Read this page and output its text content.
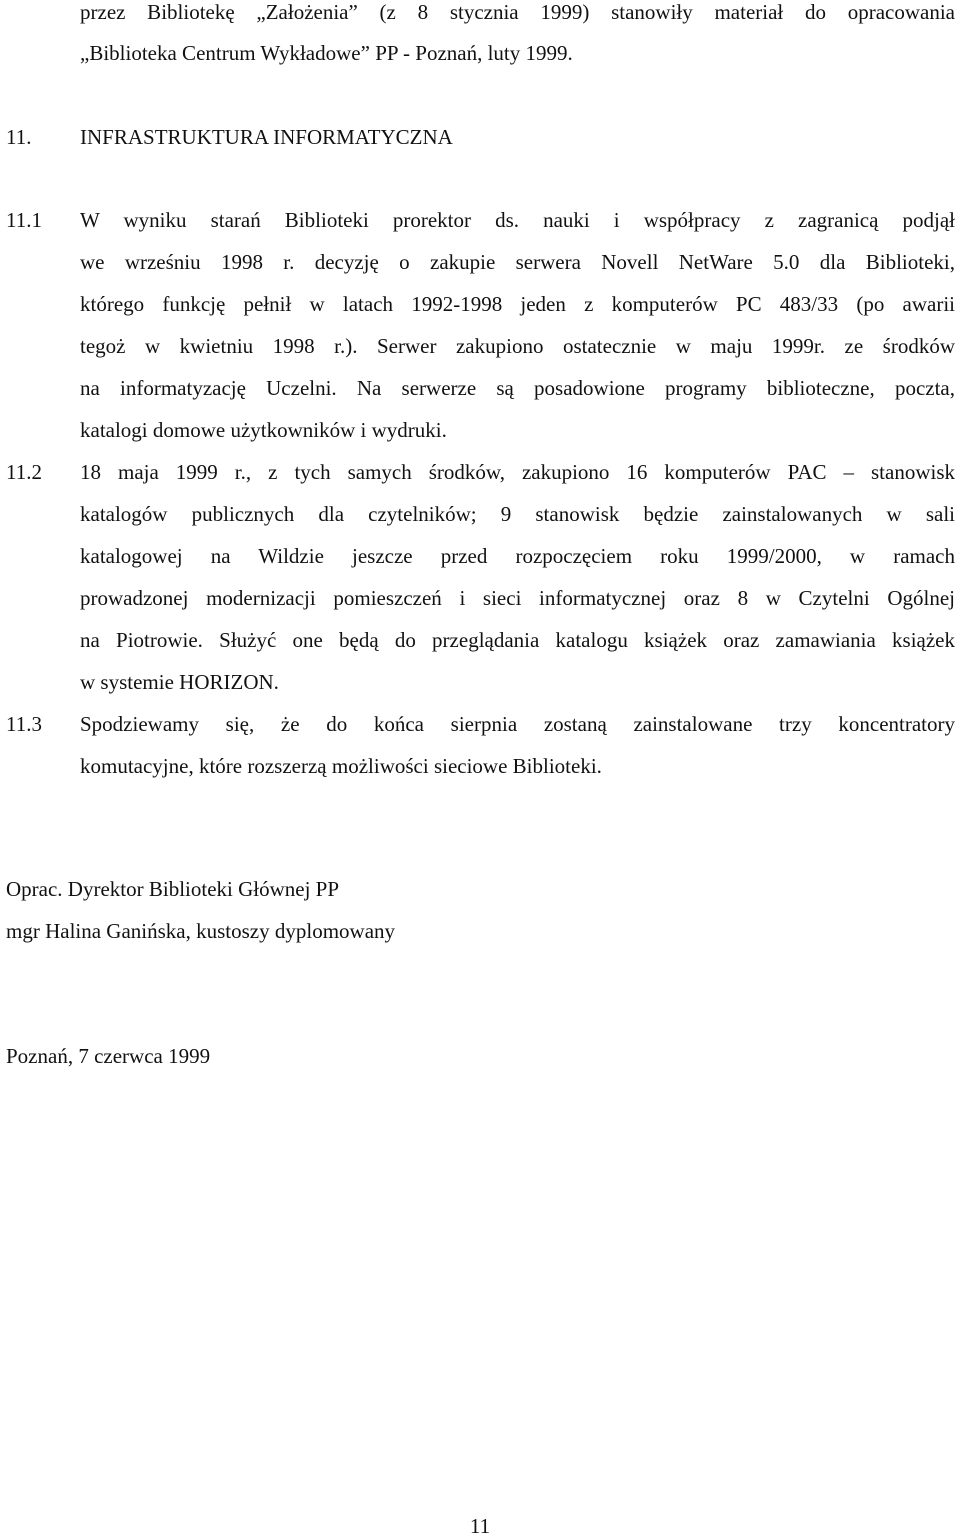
przez Bibliotekę „Założenia” (z 8 stycznia 1999) stanowiły materiał do opracowania
„Biblioteka Centrum Wykładowe” PP - Poznań, luty 1999.
11. INFRASTRUKTURA INFORMATYCZNA
11.1 W wyniku starań Biblioteki prorektor ds. nauki i współpracy z zagranicą podjął
we wrześniu 1998 r. decyzję o zakupie serwera Novell NetWare 5.0 dla Biblioteki,
którego funkcję pełnił w latach 1992-1998 jeden z komputerów PC 483/33 (po awarii
tegoż w kwietniu 1998 r.). Serwer zakupiono ostatecznie w maju 1999r. ze środków
na informatyzację Uczelni. Na serwerze są posadowione programy biblioteczne, poczta,
katalogi domowe użytkowników i wydruki.
11.2 18 maja 1999 r., z tych samych środków, zakupiono 16 komputerów PAC – stanowisk
katalogów publicznych dla czytelników; 9 stanowisk będzie zainstalowanych w sali
katalogowej na Wildzie jeszcze przed rozpoczęciem roku 1999/2000, w ramach
prowadzonej modernizacji pomieszczeń i sieci informatycznej oraz 8 w Czytelni Ogólnej
na Piotrowie. Służyć one będą do przeglądania katalogu książek oraz zamawiania książek
w systemie HORIZON.
11.3 Spodziewamy się, że do końca sierpnia zostaną zainstalowane trzy koncentratory
komutacyjne, które rozszerzą możliwości sieciowe Biblioteki.
Oprac. Dyrektor Biblioteki Głównej PP
mgr Halina Ganińska, kustoszy dyplomowany
Poznań, 7 czerwca 1999
11
